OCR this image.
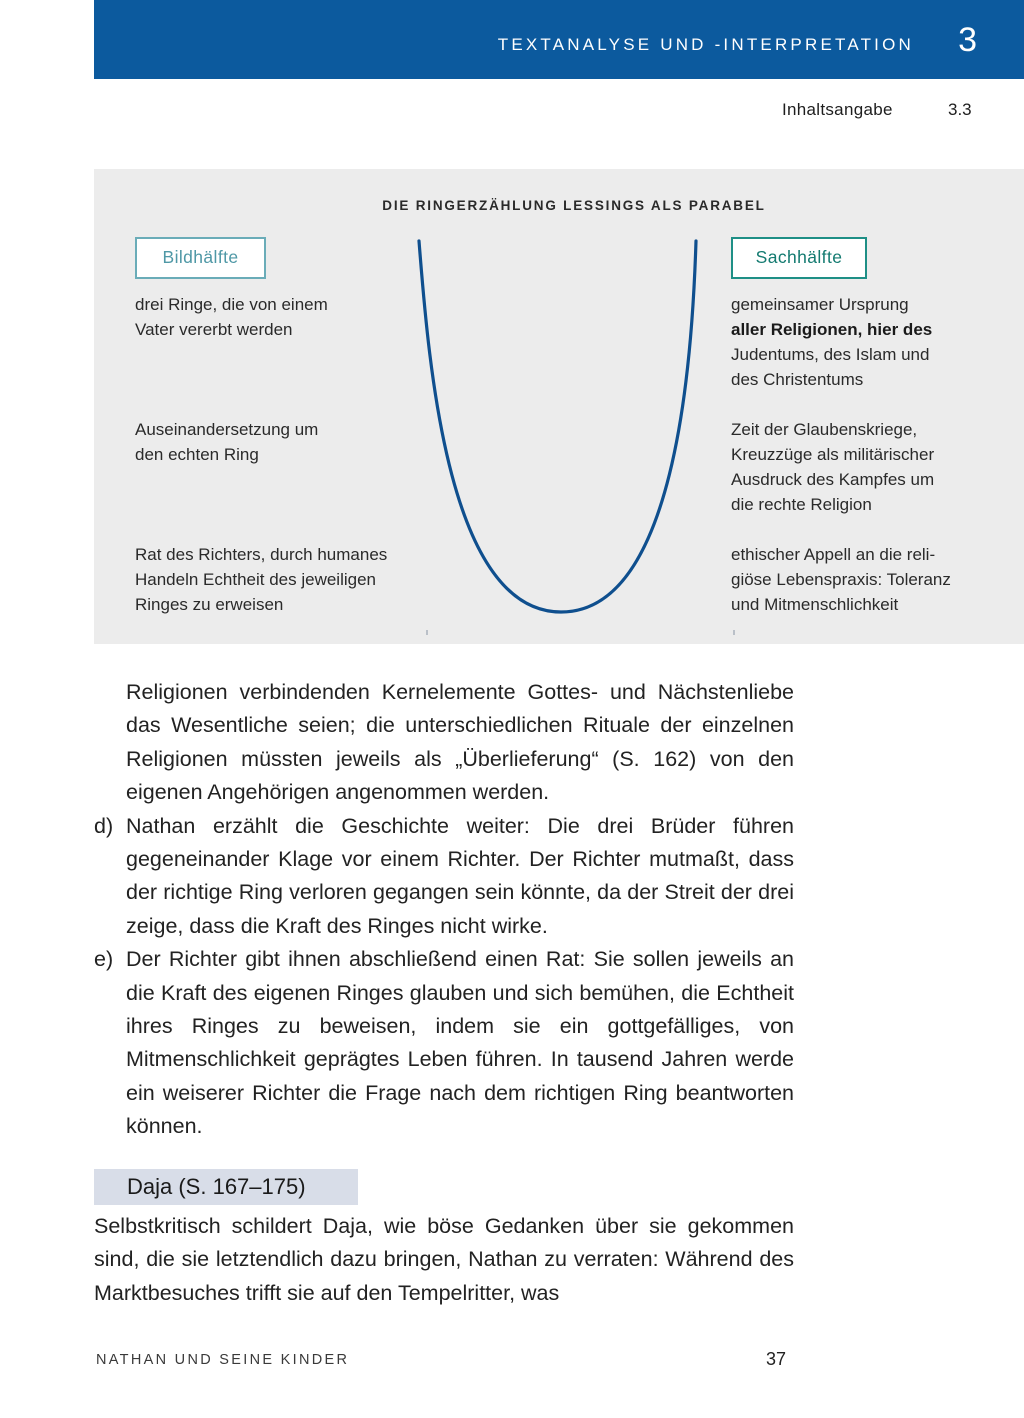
TEXTANALYSE UND -INTERPRETATION 3
Inhaltsangabe	3.3
DIE RINGERZÄHLUNG LESSINGS ALS PARABEL
Bildhälfte	Sachhälfte
drei Ringe, die von einem
Vater vererbt werden
Auseinandersetzung um
den echten Ring
Rat des Richters, durch humanes
Handeln Echtheit des jeweiligen
Ringes zu erweisen
gemeinsamer Ursprung
aller Religionen, hier des
Judentums, des Islam und
des Christentums
Zeit der Glaubenskriege,
Kreuzzüge als militärischer
Ausdruck des Kampfes um
die rechte Religion
ethischer Appell an die reli-
giöse Lebenspraxis: Toleranz
und Mitmenschlichkeit

Religionen verbindenden Kernelemente Gottes- und Nächstenliebe das Wesentliche seien; die unterschiedlichen Rituale der einzelnen Religionen müssten jeweils als „Überlieferung“ (S. 162) von den eigenen Angehörigen angenommen werden.

d) Nathan erzählt die Geschichte weiter: Die drei Brüder führen gegeneinander Klage vor einem Richter. Der Richter mutmaßt, dass der richtige Ring verloren gegangen sein könnte, da der Streit der drei zeige, dass die Kraft des Ringes nicht wirke.

e) Der Richter gibt ihnen abschließend einen Rat: Sie sollen jeweils an die Kraft des eigenen Ringes glauben und sich bemühen, die Echtheit ihres Ringes zu beweisen, indem sie ein gottgefälliges, von Mitmenschlichkeit geprägtes Leben führen. In tausend Jahren werde ein weiserer Richter die Frage nach dem richtigen Ring beantworten können.

Daja (S. 167–175)

Selbstkritisch schildert Daja, wie böse Gedanken über sie gekommen sind, die sie letztendlich dazu bringen, Nathan zu verraten: Während des Marktbesuches trifft sie auf den Tempelritter, was

NATHAN UND SEINE KINDER	37
